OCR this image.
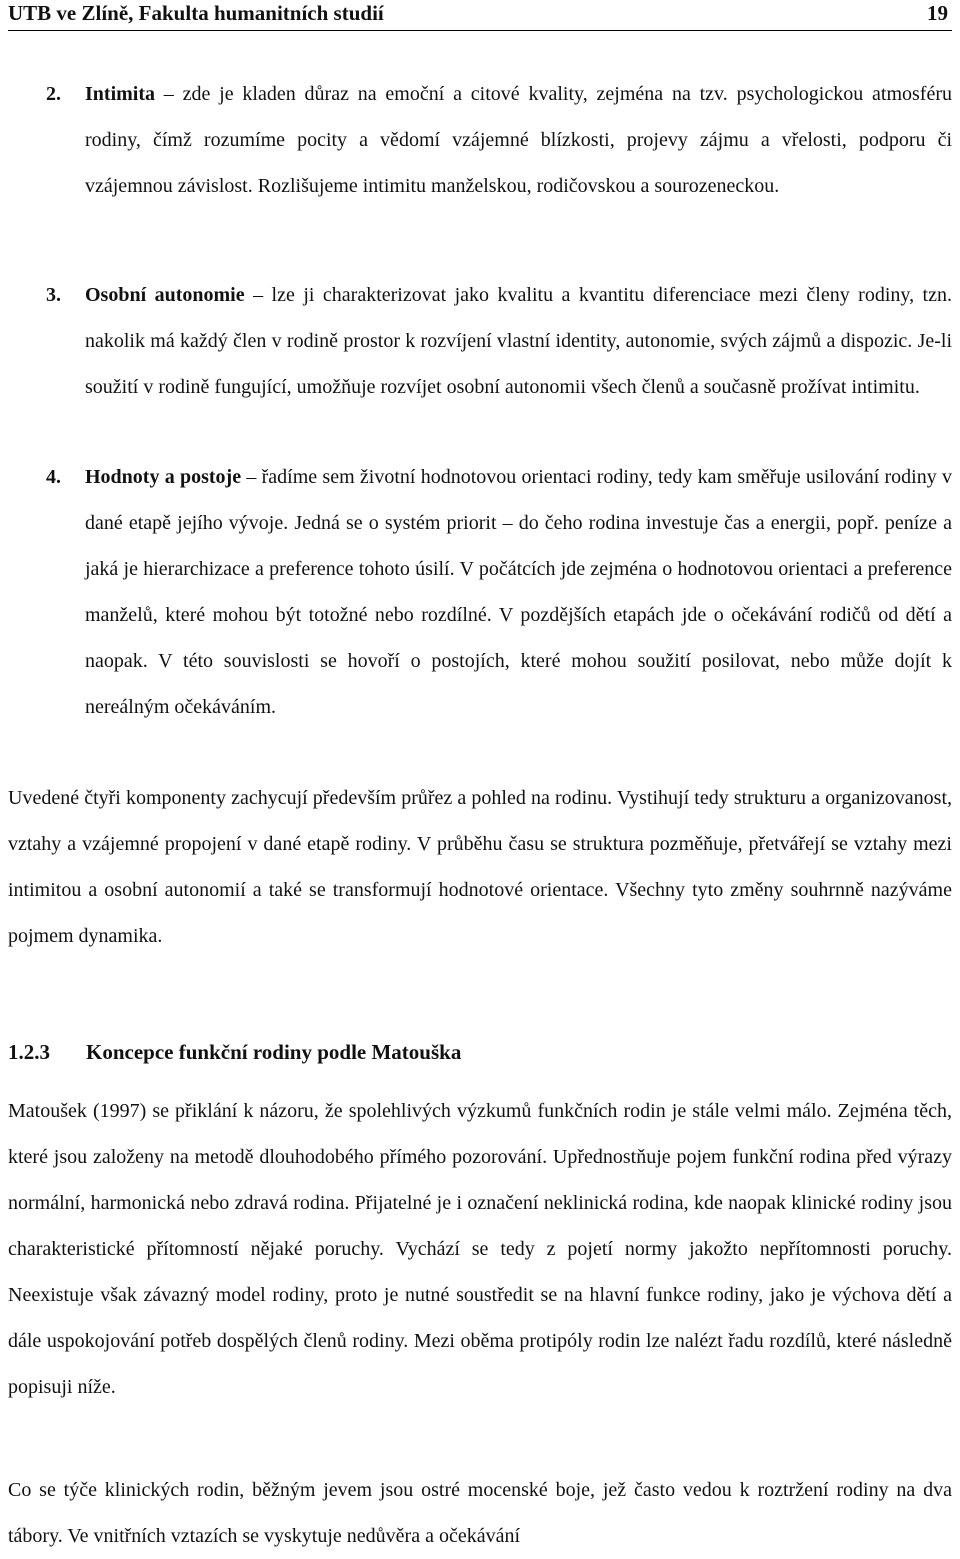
UTB ve Zlíně, Fakulta humanitních studií	19
2. Intimita – zde je kladen důraz na emoční a citové kvality, zejména na tzv. psychologickou atmosféru rodiny, čímž rozumíme pocity a vědomí vzájemné blízkosti, projevy zájmu a vřelosti, podporu či vzájemnou závislost. Rozlišujeme intimitu manželskou, rodičovskou a sourozeneckou.
3. Osobní autonomie – lze ji charakterizovat jako kvalitu a kvantitu diferenciace mezi členy rodiny, tzn. nakolik má každý člen v rodině prostor k rozvíjení vlastní identity, autonomie, svých zájmů a dispozic. Je-li soužití v rodině fungující, umožňuje rozvíjet osobní autonomii všech členů a současně prožívat intimitu.
4. Hodnoty a postoje – řadíme sem životní hodnotovou orientaci rodiny, tedy kam směřuje usilování rodiny v dané etapě jejího vývoje. Jedná se o systém priorit – do čeho rodina investuje čas a energii, popř. peníze a jaká je hierarchizace a preference tohoto úsilí. V počátcích jde zejména o hodnotovou orientaci a preference manželů, které mohou být totožné nebo rozdílné. V pozdějších etapách jde o očekávání rodičů od dětí a naopak. V této souvislosti se hovoří o postojích, které mohou soužití posilovat, nebo může dojít k nereálným očekáváním.
Uvedené čtyři komponenty zachycují především průřez a pohled na rodinu. Vystihují tedy strukturu a organizovanost, vztahy a vzájemné propojení v dané etapě rodiny. V průběhu času se struktura pozměňuje, přetvářejí se vztahy mezi intimitou a osobní autonomií a také se transformují hodnotové orientace. Všechny tyto změny souhrnně nazýváme pojmem dynamika.
1.2.3 Koncepce funkční rodiny podle Matouška
Matoušek (1997) se přiklání k názoru, že spolehlivých výzkumů funkčních rodin je stále velmi málo. Zejména těch, které jsou založeny na metodě dlouhodobého přímého pozorování. Upřednostňuje pojem funkční rodina před výrazy normální, harmonická nebo zdravá rodina. Přijatelné je i označení neklinická rodina, kde naopak klinické rodiny jsou charakteristické přítomností nějaké poruchy. Vychází se tedy z pojetí normy jakožto nepřítomnosti poruchy. Neexistuje však závazný model rodiny, proto je nutné soustředit se na hlavní funkce rodiny, jako je výchova dětí a dále uspokojování potřeb dospělých členů rodiny. Mezi oběma protipóly rodin lze nalézt řadu rozdílů, které následně popisuji níže.
Co se týče klinických rodin, běžným jevem jsou ostré mocenské boje, jež často vedou k roztržení rodiny na dva tábory. Ve vnitřních vztazích se vyskytuje nedůvěra a očekávání
